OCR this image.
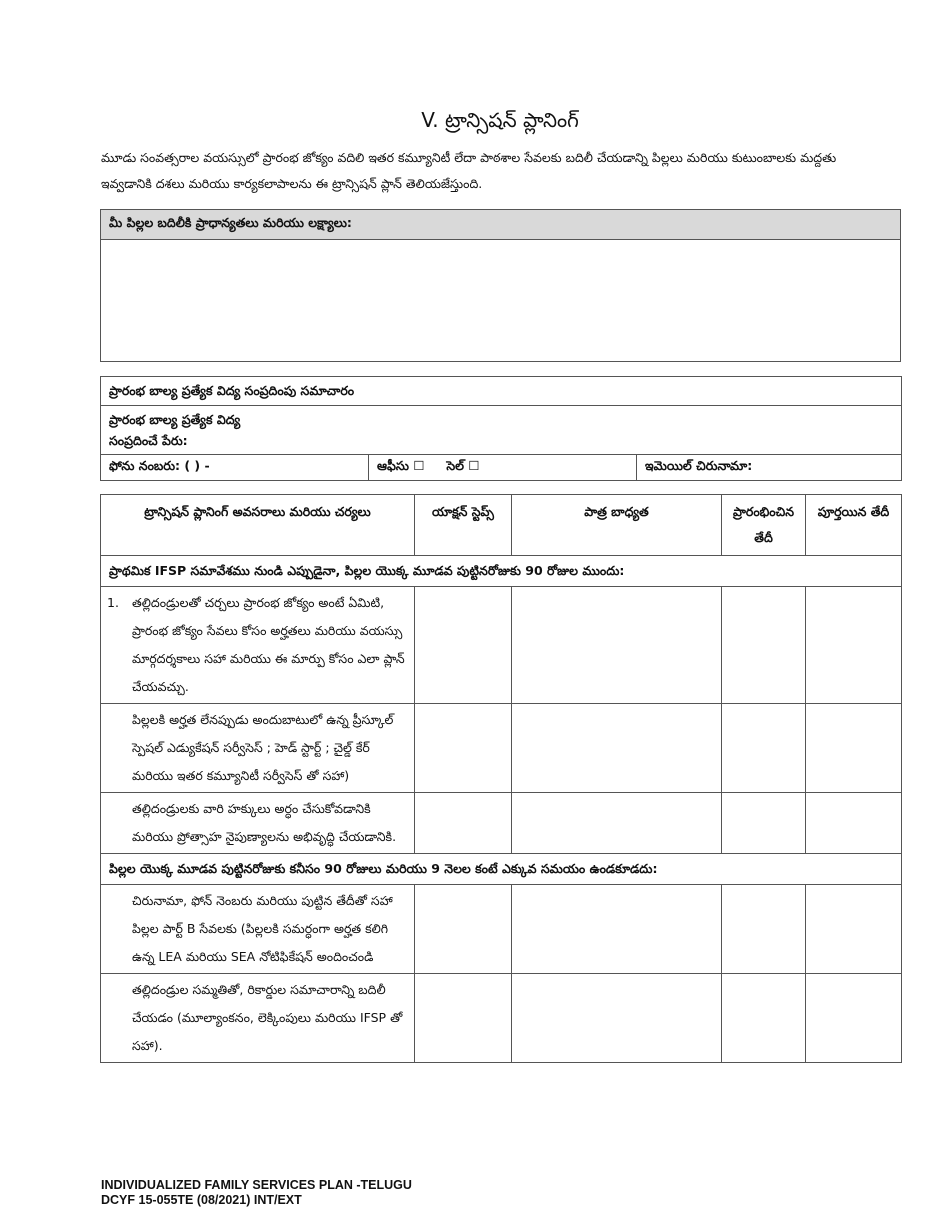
V. ట్రాన్సిషన్ ప్లానింగ్
మూడు సంవత్సరాల వయస్సులో ప్రారంభ జోక్యం వదిలి ఇతర కమ్యూనిటీ లేదా పాఠశాల సేవలకు బదిలీ చేయడాన్ని పిల్లలు మరియు కుటుంబాలకు మద్దతు ఇవ్వడానికి దశలు మరియు కార్యకలాపాలను ఈ ట్రాన్సిషన్ ప్లాన్ తెలియజేస్తుంది.
మీ పిల్లల బదిలీకి ప్రాధాన్యతలు మరియు లక్ష్యాలు:

ప్రారంభ బాల్య ప్రత్యేక విద్య సంప్రదింపు సమాచారం

ప్రారంభ బాల్య ప్రత్యేక విద్య
సంప్రదించే పేరు:

ఫోను నంబరు: ( ) -	ఆఫీసు ☐ సెల్ ☐	ఇమెయిల్ చిరునామా:
ట్రాన్సిషన్ ప్లానింగ్ అవసరాలు మరియు చర్యలు	యాక్షన్ స్టెప్స్	పాత్ర బాధ్యత	ప్రారంభించిన తేదీ	పూర్తయిన తేదీ
ప్రాథమిక IFSP సమావేశము నుండి ఎప్పుడైనా, పిల్లల యొక్క మూడవ పుట్టినరోజుకు 90 రోజుల ముందు:				

1. తల్లిదండ్రులతో చర్చలు ప్రారంభ జోక్యం అంటే ఏమిటి, ప్రారంభ జోక్యం సేవలు కోసం అర్హతలు మరియు వయస్సు మార్గదర్శకాలు సహా మరియు ఈ మార్పు కోసం ఎలా ప్లాన్ చేయవచ్చు.				

పిల్లలకి అర్హత లేనప్పుడు అందుబాటులో ఉన్న ప్రీస్కూల్ స్పెషల్ ఎడ్యుకేషన్ సర్వీసెస్ ; హెడ్ స్టార్ట్ ; చైల్డ్ కేర్ మరియు ఇతర కమ్యూనిటీ సర్వీసెస్ తో సహా)				

తల్లిదండ్రులకు వారి హక్కులు అర్ధం చేసుకోవడానికి మరియు ప్రోత్సాహ నైపుణ్యాలను అభివృద్ధి చేయడానికి.				

పిల్లల యొక్క మూడవ పుట్టినరోజుకు కనీసం 90 రోజులు మరియు 9 నెలల కంటే ఎక్కువ సమయం ఉండకూడదు:				

చిరునామా, ఫోన్ నెంబరు మరియు పుట్టిన తేదీతో సహా పిల్లల పార్ట్ B సేవలకు (పిల్లలకి సమర్ధంగా అర్హత కలిగి ఉన్న LEA మరియు SEA నోటిఫికేషన్ అందించండి				

తల్లిదండ్రుల సమ్మతితో, రికార్డుల సమాచారాన్ని బదిలీ చేయడం (మూల్యాంకనం, లెక్కింపులు మరియు IFSP తో సహా).				

INDIVIDUALIZED FAMILY SERVICES PLAN -TELUGU
DCYF 15-055TE (08/2021) INT/EXT
